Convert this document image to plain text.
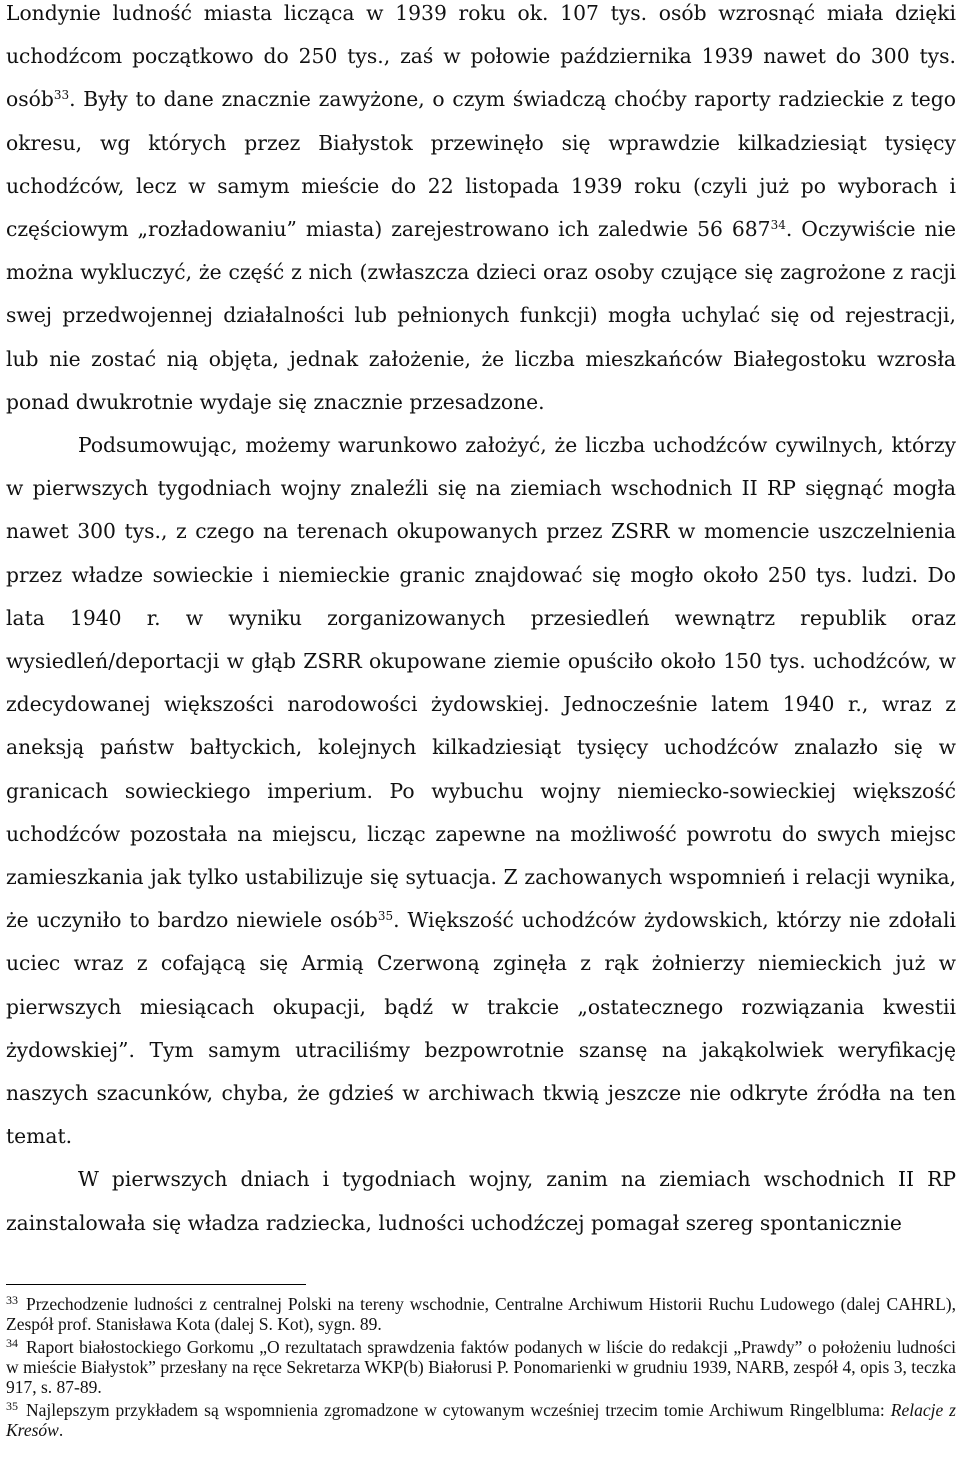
Londynie ludność miasta licząca w 1939 roku ok. 107 tys. osób wzrosnąć miała dzięki uchodźcom początkowo do 250 tys., zaś w połowie października 1939 nawet do 300 tys. osób$^{33}$. Były to dane znacznie zawyżone, o czym świadczą choćby raporty radzieckie z tego okresu, wg których przez Białystok przewinęło się wprawdzie kilkadziesiąt tysięcy uchodźców, lecz w samym mieście do 22 listopada 1939 roku (czyli już po wyborach i częściowym „rozładowaniu” miasta) zarejestrowano ich zaledwie 56 $687^{34}$. Oczywiście nie można wykluczyć, że część z nich (zwłaszcza dzieci oraz osoby czujące się zagrożone z racji swej przedwojennej działalności lub pełnionych funkcji) mogła uchylać się od rejestracji, lub nie zostać nią objęta, jednak założenie, że liczba mieszkańców Białegostoku wzrosła ponad dwukrotnie wydaje się znacznie przesadzone.

Podsumowując, możemy warunkowo założyć, że liczba uchodźców cywilnych, którzy w pierwszych tygodniach wojny znaleźli się na ziemiach wschodnich II RP sięgnąć mogła nawet 300 tys., z czego na terenach okupowanych przez ZSRR w momencie uszczelnienia przez władze sowieckie i niemieckie granic znajdować się mogło około 250 tys. ludzi. Do lata 1940 r. w wyniku zorganizowanych przesiedleń wewnątrz republik oraz wysiedleń/deportacji w głąb ZSRR okupowane ziemie opuściło około 150 tys. uchodźców, w zdecydowanej większości narodowości żydowskiej. Jednocześnie latem 1940 r., wraz z aneksją państw bałtyckich, kolejnych kilkadziesiąt tysięcy uchodźców znalazło się w granicach sowieckiego imperium. Po wybuchu wojny niemiecko-sowieckiej większość uchodźców pozostała na miejscu, licząc zapewne na możliwość powrotu do swych miejsc zamieszkania jak tylko ustabilizuje się sytuacja. Z zachowanych wspomnień i relacji wynika, że uczyniło to bardzo niewiele osób$^{35}$. Większość uchodźców żydowskich, którzy nie zdołali uciec wraz z cofającą się Armią Czerwoną zginęła z rąk żołnierzy niemieckich już w pierwszych miesiącach okupacji, bądź w trakcie „ostatecznego rozwiązania kwestii żydowskiej”. Tym samym utraciliśmy bezpowrotnie szansę na jakąkolwiek weryfikację naszych szacunków, chyba, że gdzieś w archiwach tkwią jeszcze nie odkryte źródła na ten temat.

W pierwszych dniach i tygodniach wojny, zanim na ziemiach wschodnich II RP zainstalowała się władza radziecka, ludności uchodźczej pomagał szereg spontanicznie

$^{33}$ Przechodzenie ludności z centralnej Polski na tereny wschodnie, Centralne Archiwum Historii Ruchu Ludowego (dalej CAHRL), Zespół prof. Stanisława Kota (dalej S. Kot), sygn. 89.

$^{34}$ Raport białostockiego Gorkomu „O rezultatach sprawdzenia faktów podanych w liście do redakcji „Prawdy” o położeniu ludności w mieście Białystok” przesłany na ręce Sekretarza WKP(b) Białorusi P. Ponomarienki w grudniu 1939, NARB, zespół 4, opis 3, teczka 917, s. 87-89.

$^{35}$ Najlepszym przykładem są wspomnienia zgromadzone w cytowanym wcześniej trzecim tomie Archiwum Ringelbluma: Relacje z Kresów.
